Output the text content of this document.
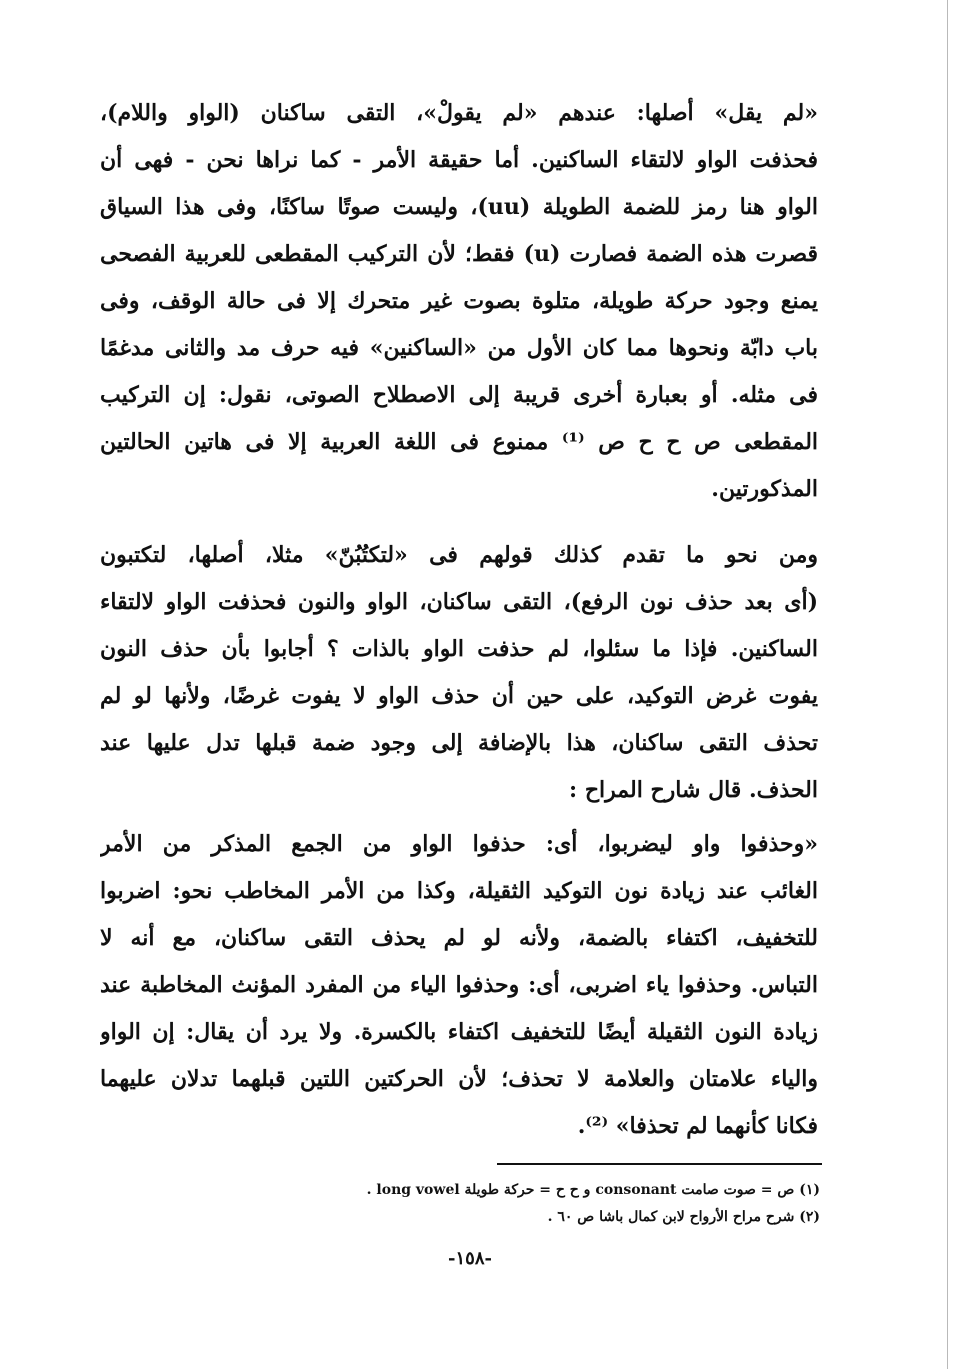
«لم يقل» أصلها: عندهم «لم يقولْ»، التقى ساكنان (الواو واللام)،
فحذفت الواو لالتقاء الساكنين. أما حقيقة الأمر - كما نراها نحن - فهى أن
الواو هنا رمز للضمة الطويلة (uu)، وليست صوتًا ساكنًا، وفى هذا السياق
قصرت هذه الضمة فصارت (u) فقط؛ لأن التركيب المقطعى للعربية الفصحى
يمنع وجود حركة طويلة، متلوة بصوت غير متحرك إلا فى حالة الوقف، وفى
باب دابّة ونحوها مما كان الأول من «الساكنين» فيه حرف مد والثانى مدغمًا
فى مثله. أو بعبارة أخرى قريبة إلى الاصطلاح الصوتى، نقول: إن التركيب
المقطعى ص ح ح ص ⁽¹⁾ ممنوع فى اللغة العربية إلا فى هاتين الحالتين
المذكورتين.
ومن نحو ما تقدم كذلك قولهم فى «لتكتُبُنّ» مثلا، أصلها، لتكتبون
(أى بعد حذف نون الرفع)، التقى ساكنان، الواو والنون فحذفت الواو لالتقاء
الساكنين. فإذا ما سئلوا، لم حذفت الواو بالذات ؟ أجابوا بأن حذف النون
يفوت غرض التوكيد، على حين أن حذف الواو لا يفوت غرضًا، ولأنها لو لم
تحذف التقى ساكنان، هذا بالإضافة إلى وجود ضمة قبلها تدل عليها عند
الحذف. قال شارح المراح :
«وحذفوا واو ليضربوا، أى: حذفوا الواو من الجمع المذكر من الأمر
الغائب عند زيادة نون التوكيد الثقيلة، وكذا من الأمر المخاطب نحو: اضربوا
للتخفيف، اكتفاء بالضمة، ولأنه لو لم يحذف التقى ساكنان، مع أنه لا
التباس. وحذفوا ياء اضربى، أى: وحذفوا الياء من المفرد المؤنث المخاطبة عند
زيادة النون الثقيلة أيضًا للتخفيف اكتفاء بالكسرة. ولا يرد أن يقال: إن الواو
والياء علامتان والعلامة لا تحذف؛ لأن الحركتين اللتين قبلهما تدلان عليهما
فكانا كأنهما لم تحذفا» ⁽²⁾.
(١) ص = صوت صامت consonant و ح ح = حركة طويلة long vowel .
(٢) شرح مراح الأرواح لابن كمال باشا ص ٦٠ .
-١٥٨-
